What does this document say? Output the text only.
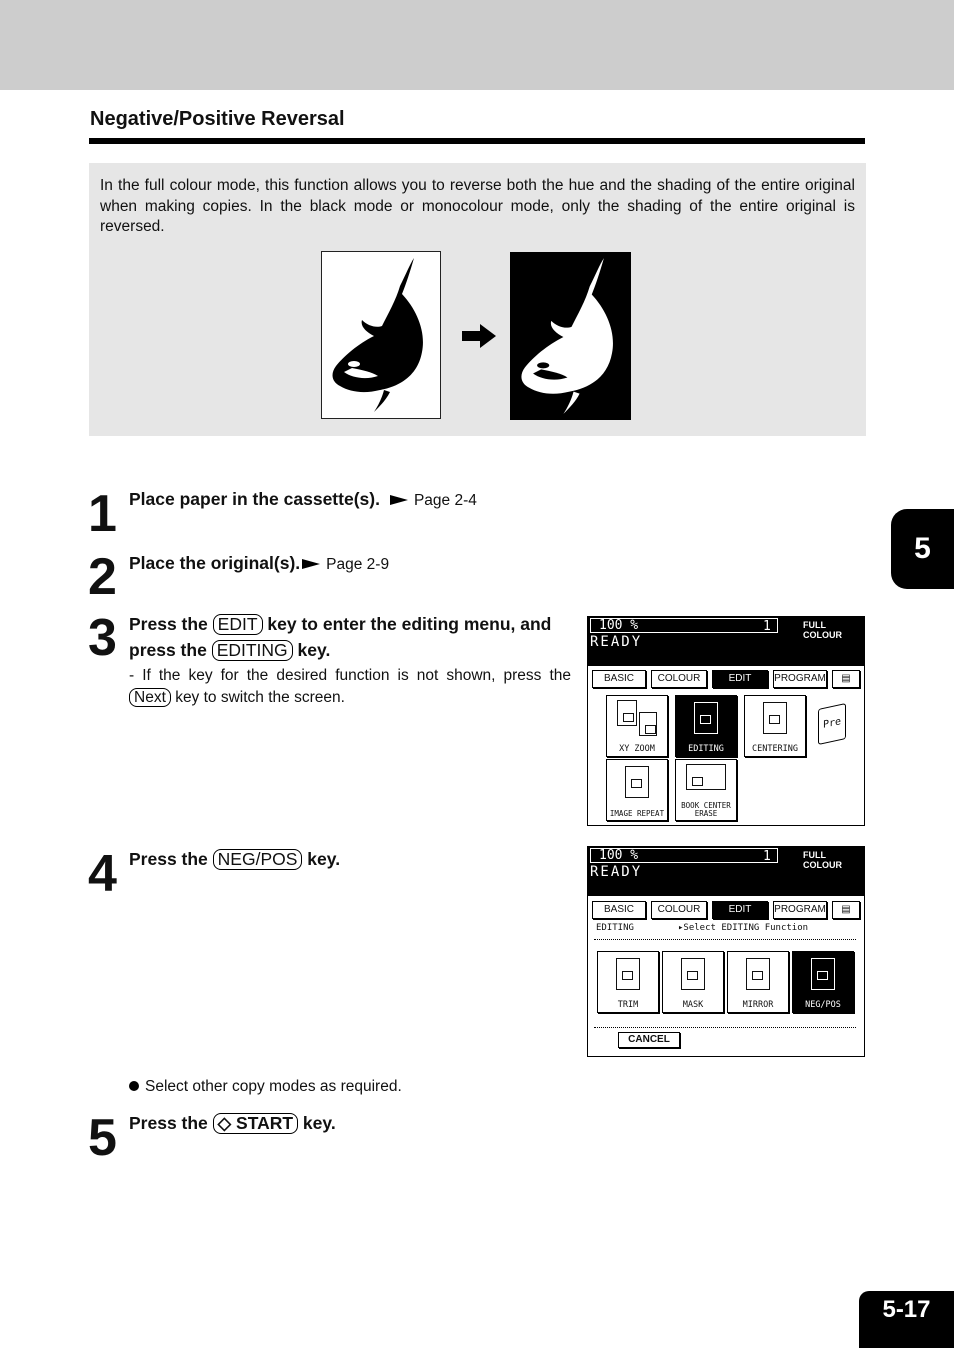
Negative/Positive Reversal
In the full colour mode, this function allows you to reverse both the hue and the shading of the entire original when making copies. In the black mode or monocolour mode, only the shading of the entire original is reversed.
1 Place paper in the cassette(s). Page 2-4
2 Place the original(s). Page 2-9
3 Press the EDIT key to enter the editing menu, and press the EDITING key.
- If the key for the desired function is not shown, press the Next key to switch the screen.
100 %	1	FULL COLOUR
READY
BASIC	COLOUR	EDIT	PROGRAM	▤
XY ZOOM	EDITING	CENTERING
Pre
IMAGE REPEAT
BOOK CENTER ERASE
4 Press the NEG/POS key.	100 %	1	FULL COLOUR
READY
BASIC	COLOUR	EDIT	PROGRAM	▤
EDITING	▸Select EDITING Function
TRIM	MASK	MIRROR	NEG/POS
CANCEL
Select other copy modes as required.
5 Press the ◇ START key.
5
5-17
